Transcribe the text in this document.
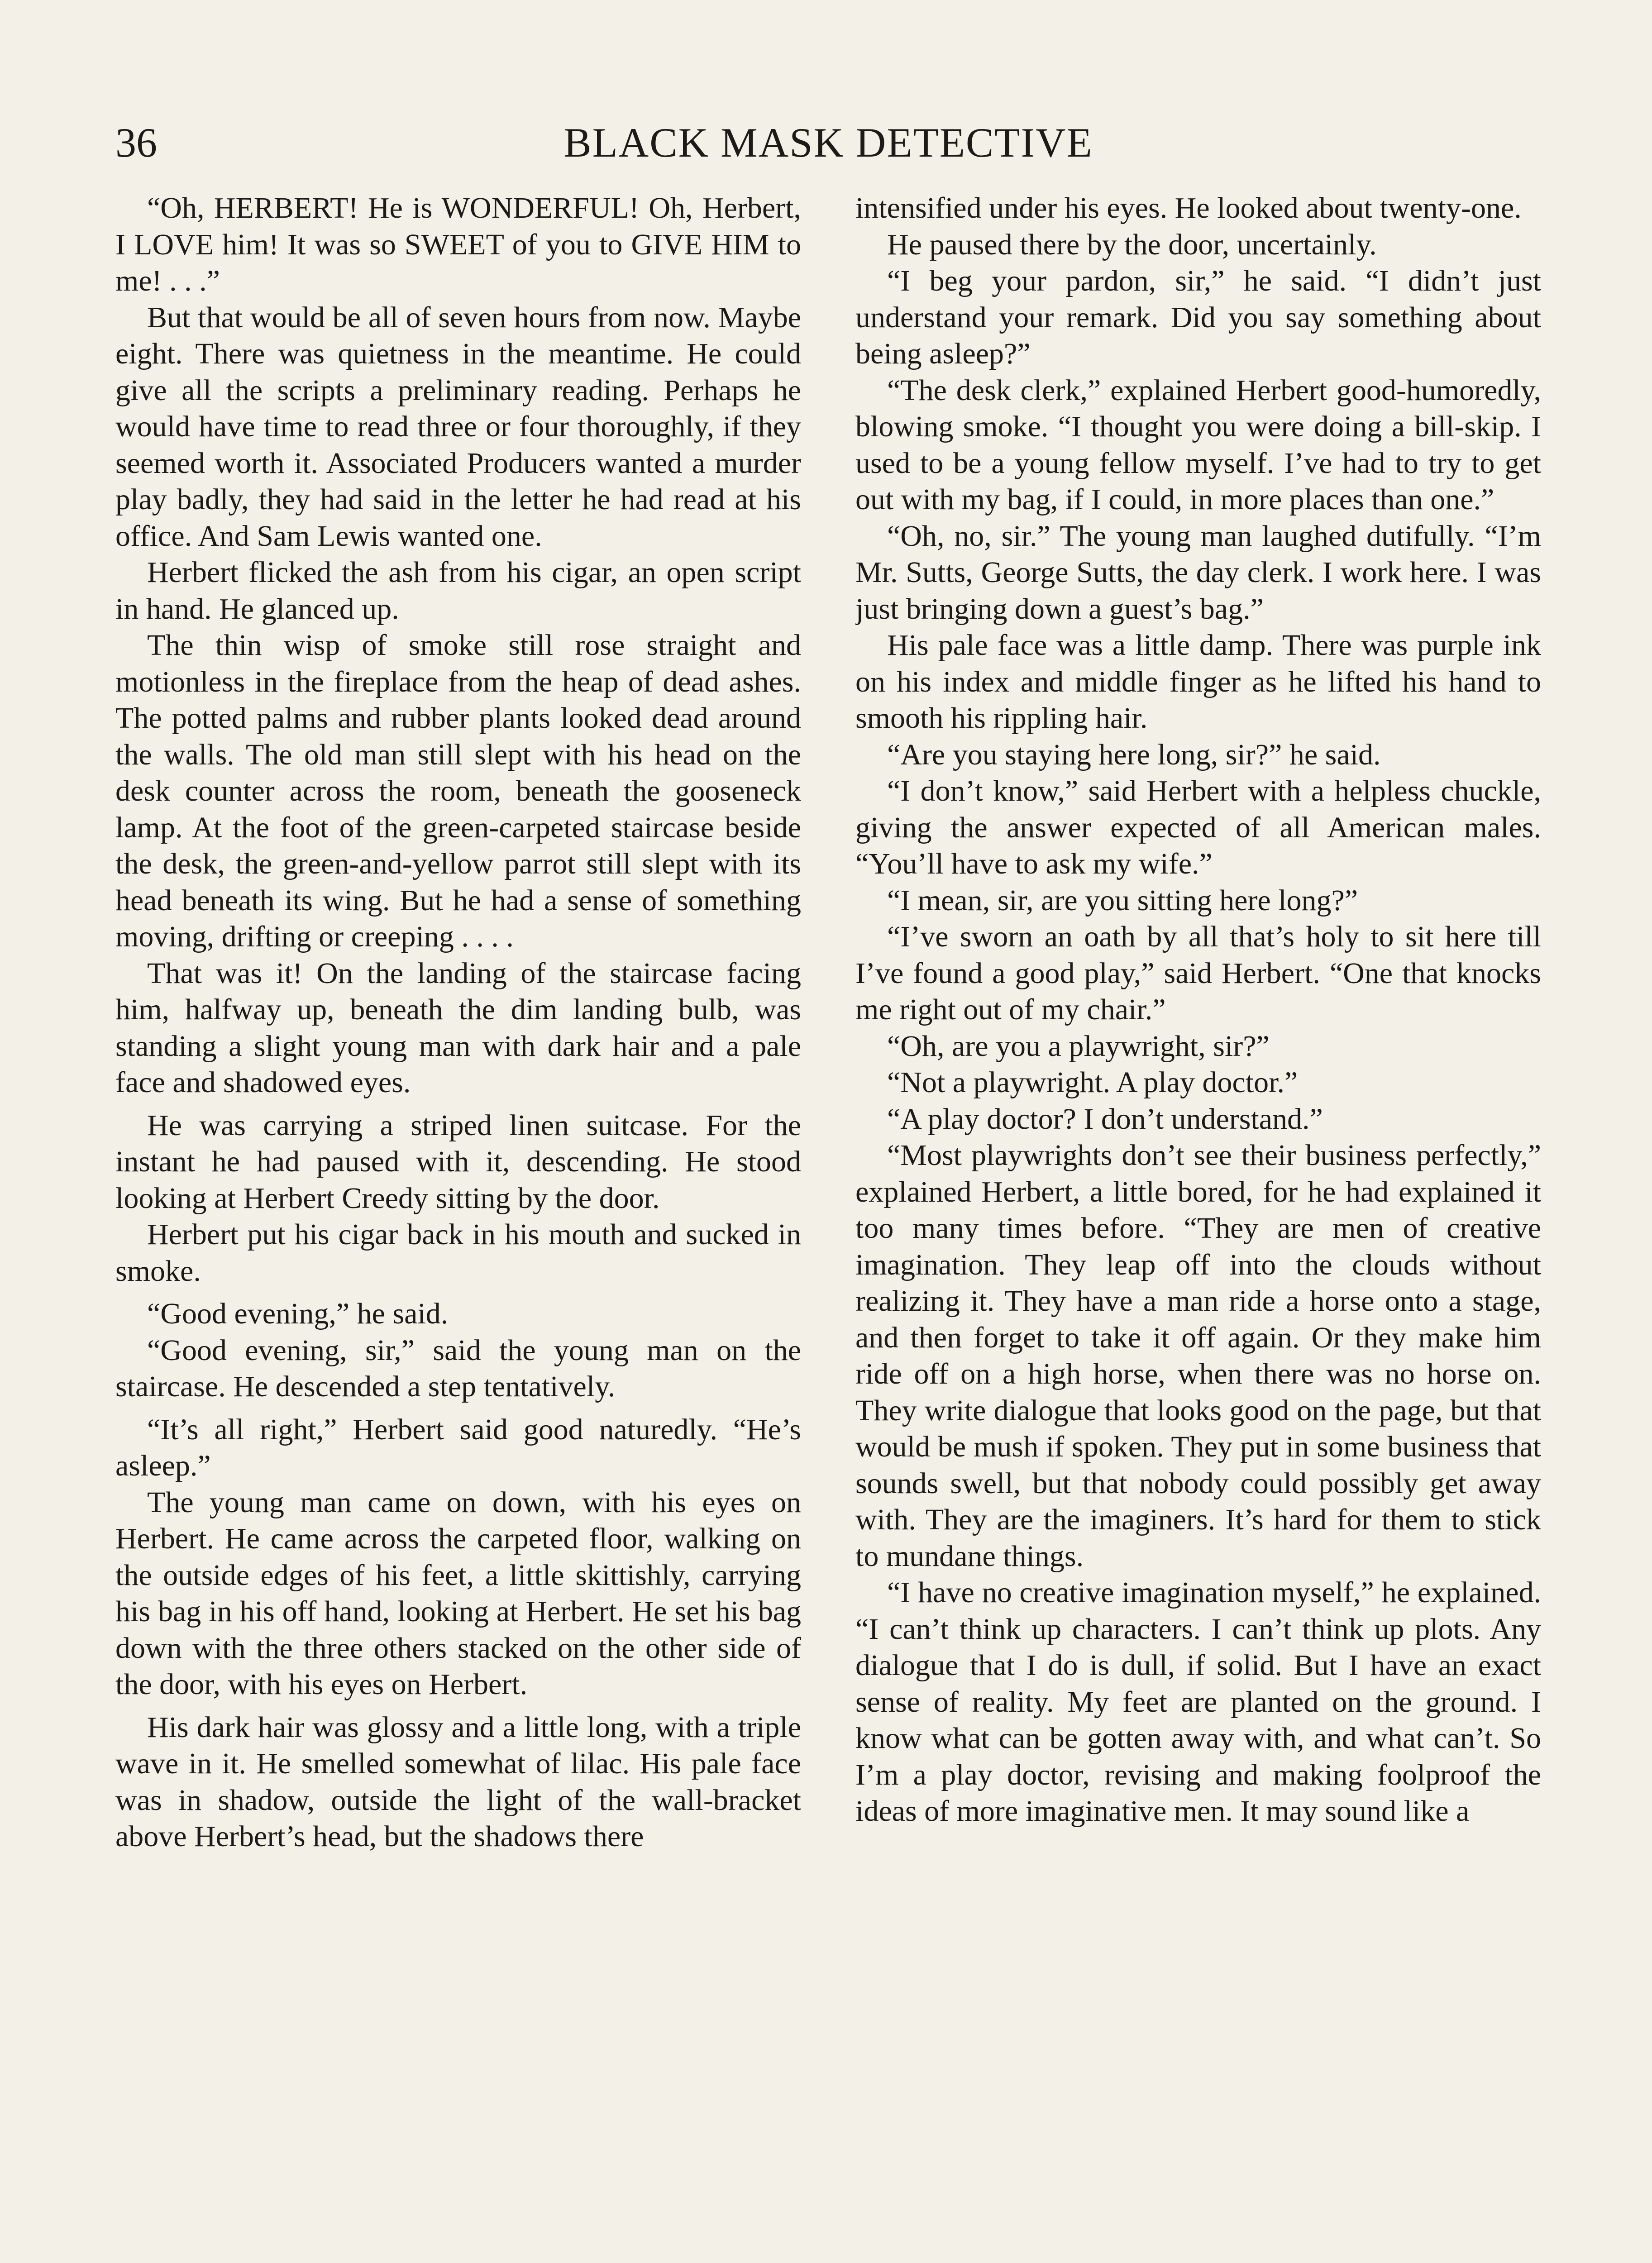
36	BLACK MASK DETECTIVE

“Oh, HERBERT! He is WONDERFUL! Oh, Herbert, I LOVE him! It was so SWEET of you to GIVE HIM to me! . . .”

But that would be all of seven hours from now. Maybe eight. There was quietness in the meantime. He could give all the scripts a preliminary reading. Perhaps he would have time to read three or four thoroughly, if they seemed worth it. Associated Producers wanted a murder play badly, they had said in the letter he had read at his office. And Sam Lewis wanted one.

Herbert flicked the ash from his cigar, an open script in hand. He glanced up.

The thin wisp of smoke still rose straight and motionless in the fireplace from the heap of dead ashes. The potted palms and rubber plants looked dead around the walls. The old man still slept with his head on the desk counter across the room, beneath the gooseneck lamp. At the foot of the green-carpeted staircase beside the desk, the green-and-yellow parrot still slept with its head beneath its wing. But he had a sense of something moving, drifting or creeping . . . .

That was it! On the landing of the staircase facing him, halfway up, beneath the dim landing bulb, was standing a slight young man with dark hair and a pale face and shadowed eyes.

He was carrying a striped linen suitcase. For the instant he had paused with it, descending. He stood looking at Herbert Creedy sitting by the door.

Herbert put his cigar back in his mouth and sucked in smoke.

“Good evening,” he said.

“Good evening, sir,” said the young man on the staircase. He descended a step tentatively.

“It’s all right,” Herbert said good naturedly. “He’s asleep.”

The young man came on down, with his eyes on Herbert. He came across the carpeted floor, walking on the outside edges of his feet, a little skittishly, carrying his bag in his off hand, looking at Herbert. He set his bag down with the three others stacked on the other side of the door, with his eyes on Herbert.

His dark hair was glossy and a little long, with a triple wave in it. He smelled somewhat of lilac. His pale face was in shadow, outside the light of the wall-bracket above Herbert’s head, but the shadows there

intensified under his eyes. He looked about twenty-one.

He paused there by the door, uncertainly.

“I beg your pardon, sir,” he said. “I didn’t just understand your remark. Did you say something about being asleep?”

“The desk clerk,” explained Herbert good-humoredly, blowing smoke. “I thought you were doing a bill-skip. I used to be a young fellow myself. I’ve had to try to get out with my bag, if I could, in more places than one.”

“Oh, no, sir.” The young man laughed dutifully. “I’m Mr. Sutts, George Sutts, the day clerk. I work here. I was just bringing down a guest’s bag.”

His pale face was a little damp. There was purple ink on his index and middle finger as he lifted his hand to smooth his rippling hair.

“Are you staying here long, sir?” he said.

“I don’t know,” said Herbert with a helpless chuckle, giving the answer expected of all American males. “You’ll have to ask my wife.”

“I mean, sir, are you sitting here long?”

“I’ve sworn an oath by all that’s holy to sit here till I’ve found a good play,” said Herbert. “One that knocks me right out of my chair.”

“Oh, are you a playwright, sir?”

“Not a playwright. A play doctor.”

“A play doctor? I don’t understand.”

“Most playwrights don’t see their business perfectly,” explained Herbert, a little bored, for he had explained it too many times before. “They are men of creative imagination. They leap off into the clouds without realizing it. They have a man ride a horse onto a stage, and then forget to take it off again. Or they make him ride off on a high horse, when there was no horse on. They write dialogue that looks good on the page, but that would be mush if spoken. They put in some business that sounds swell, but that nobody could possibly get away with. They are the imaginers. It’s hard for them to stick to mundane things.

“I have no creative imagination myself,” he explained. “I can’t think up characters. I can’t think up plots. Any dialogue that I do is dull, if solid. But I have an exact sense of reality. My feet are planted on the ground. I know what can be gotten away with, and what can’t. So I’m a play doctor, revising and making foolproof the ideas of more imaginative men. It may sound like a
